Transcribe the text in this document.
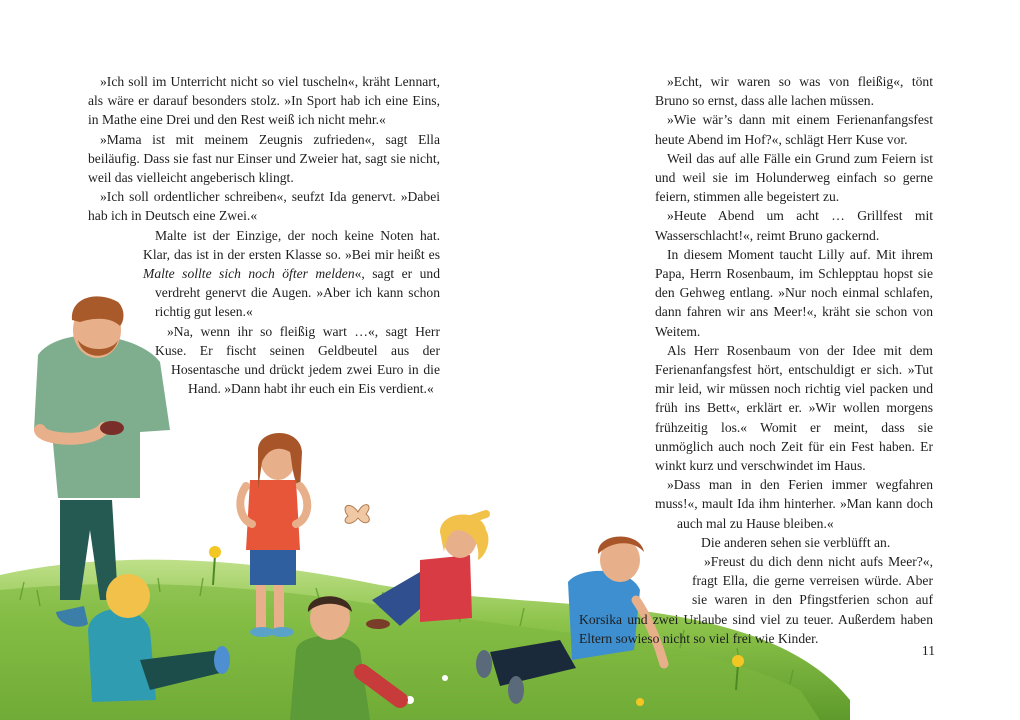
»Ich soll im Unterricht nicht so viel tuscheln«, kräht Lennart, als wäre er darauf besonders stolz. »In Sport hab ich eine Eins, in Mathe eine Drei und den Rest weiß ich nicht mehr.«

»Mama ist mit meinem Zeugnis zufrieden«, sagt Ella beiläufig. Dass sie fast nur Einser und Zweier hat, sagt sie nicht, weil das vielleicht angeberisch klingt.

»Ich soll ordentlicher schreiben«, seufzt Ida genervt. »Dabei hab ich in Deutsch eine Zwei.«

Malte ist der Einzige, der noch keine Noten hat. Klar, das ist in der ersten Klasse so. »Bei mir heißt es Malte sollte sich noch öfter melden«, sagt er und verdreht genervt die Augen. »Aber ich kann schon richtig gut lesen.«

»Na, wenn ihr so fleißig wart …«, sagt Herr Kuse. Er fischt seinen Geldbeutel aus der Hosentasche und drückt jedem zwei Euro in die Hand. »Dann habt ihr euch ein Eis verdient.«

»Echt, wir waren so was von fleißig«, tönt Bruno so ernst, dass alle lachen müssen.

»Wie wär’s dann mit einem Ferienanfangsfest heute Abend im Hof?«, schlägt Herr Kuse vor.

Weil das auf alle Fälle ein Grund zum Feiern ist und weil sie im Holunderweg einfach so gerne feiern, stimmen alle begeistert zu.

»Heute Abend um acht … Grillfest mit Wasserschlacht!«, reimt Bruno gackernd.

In diesem Moment taucht Lilly auf. Mit ihrem Papa, Herrn Rosenbaum, im Schlepptau hopst sie den Gehweg entlang. »Nur noch einmal schlafen, dann fahren wir ans Meer!«, kräht sie schon von Weitem.

Als Herr Rosenbaum von der Idee mit dem Ferienanfangsfest hört, entschuldigt er sich. »Tut mir leid, wir müssen noch richtig viel packen und früh ins Bett«, erklärt er. »Wir wollen morgens frühzeitig los.« Womit er meint, dass sie unmöglich auch noch Zeit für ein Fest haben. Er winkt kurz und verschwindet im Haus.

»Dass man in den Ferien immer wegfahren muss!«, mault Ida ihm hinterher. »Man kann doch auch mal zu Hause bleiben.«

Die anderen sehen sie verblüfft an.

»Freust du dich denn nicht aufs Meer?«, fragt Ella, die gerne verreisen würde. Aber sie waren in den Pfingstferien schon auf Korsika und zwei Urlaube sind viel zu teuer. Außerdem haben Eltern sowieso nicht so viel frei wie Kinder.

11
